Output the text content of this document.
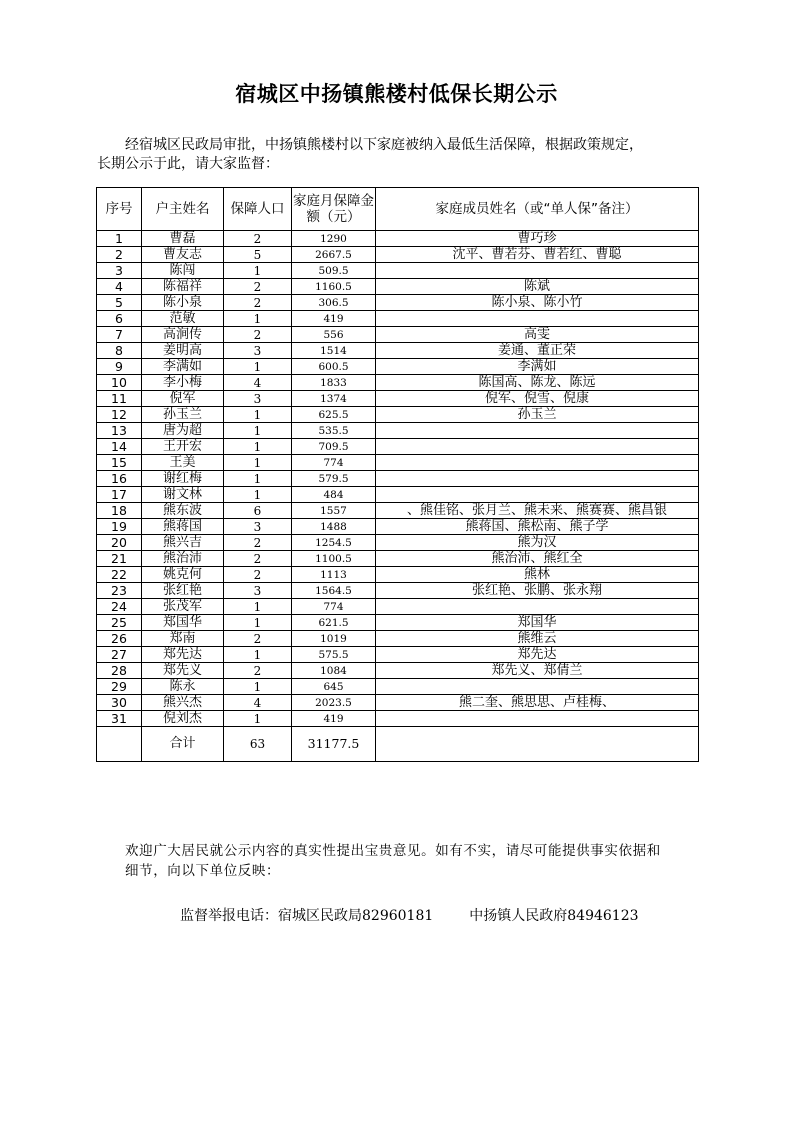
宿城区中扬镇熊楼村低保长期公示
经宿城区民政局审批，中扬镇熊楼村以下家庭被纳入最低生活保障，根据政策规定，
长期公示于此，请大家监督：
序号	户主姓名	保障人口	家庭月保障金额（元）	家庭成员姓名（或“单人保”备注）
1	曹磊	2	1290	曹巧珍
2	曹友志	5	2667.5	沈平、曹若芬、曹若红、曹聪
3	陈闯	1	509.5	
4	陈福祥	2	1160.5	陈斌
5	陈小泉	2	306.5	陈小泉、陈小竹
6	范敏	1	419	
7	高涧传	2	556	高雯
8	姜明高	3	1514	姜通、董正荣
9	李满如	1	600.5	李满如
10	李小梅	4	1833	陈国高、陈龙、陈远
11	倪军	3	1374	倪军、倪雪、倪康
12	孙玉兰	1	625.5	孙玉兰
13	唐为超	1	535.5	
14	王开宏	1	709.5	
15	王美	1	774	
16	谢红梅	1	579.5	
17	谢文林	1	484	
18	熊东波	6	1557	、熊佳铭、张月兰、熊未来、熊赛赛、熊昌银
19	熊蒋国	3	1488	熊蒋国、熊松南、熊子学
20	熊兴吉	2	1254.5	熊为汉
21	熊治沛	2	1100.5	熊治沛、熊红全
22	姚克何	2	1113	熊林
23	张红艳	3	1564.5	张红艳、张鹏、张永翔
24	张茂军	1	774	
25	郑国华	1	621.5	郑国华
26	郑南	2	1019	熊维云
27	郑先达	1	575.5	郑先达
28	郑先义	2	1084	郑先义、郑倩兰
29	陈永	1	645	
30	熊兴杰	4	2023.5	熊二奎、熊思思、卢桂梅、
31	倪刘杰	1	419	
	合计	63	31177.5	
欢迎广大居民就公示内容的真实性提出宝贵意见。如有不实，请尽可能提供事实依据和
细节，向以下单位反映：
监督举报电话：宿城区民政局82960181	中扬镇人民政府84946123
